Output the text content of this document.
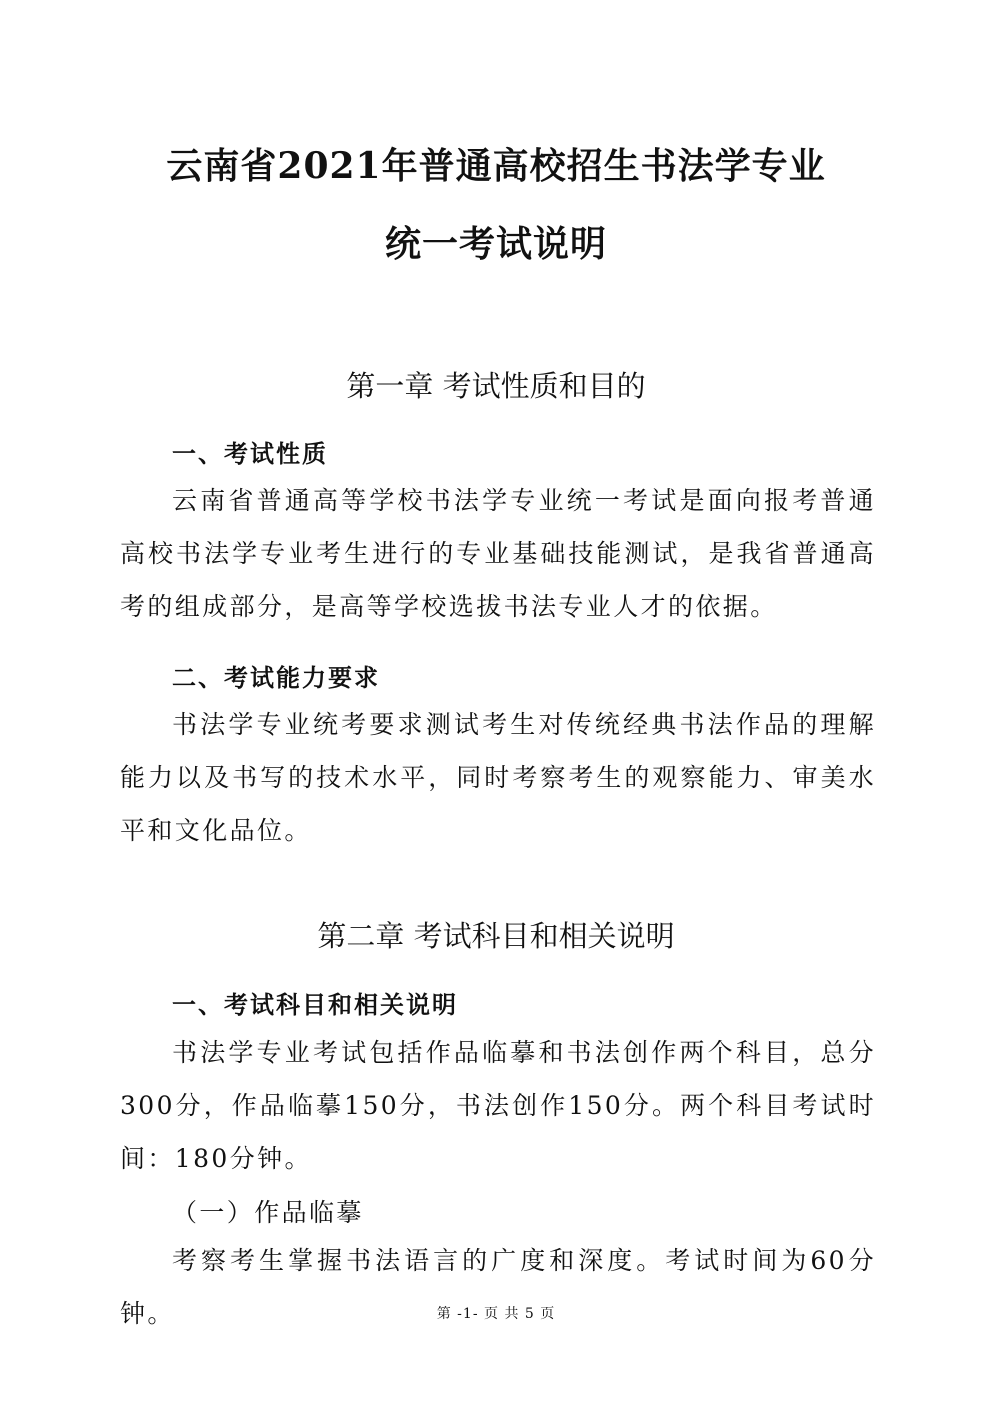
云南省2021年普通高校招生书法学专业
统一考试说明
第一章 考试性质和目的
一、考试性质

云南省普通高等学校书法学专业统一考试是面向报考普通高校书法学专业考生进行的专业基础技能测试，是我省普通高考的组成部分，是高等学校选拔书法专业人才的依据。

二、考试能力要求

书法学专业统考要求测试考生对传统经典书法作品的理解能力以及书写的技术水平，同时考察考生的观察能力、审美水平和文化品位。

第二章 考试科目和相关说明
一、考试科目和相关说明

书法学专业考试包括作品临摹和书法创作两个科目，总分300分，作品临摹150分，书法创作150分。两个科目考试时间：180分钟。

（一）作品临摹

考察考生掌握书法语言的广度和深度。考试时间为60分钟。	第 -1- 页 共 5 页
